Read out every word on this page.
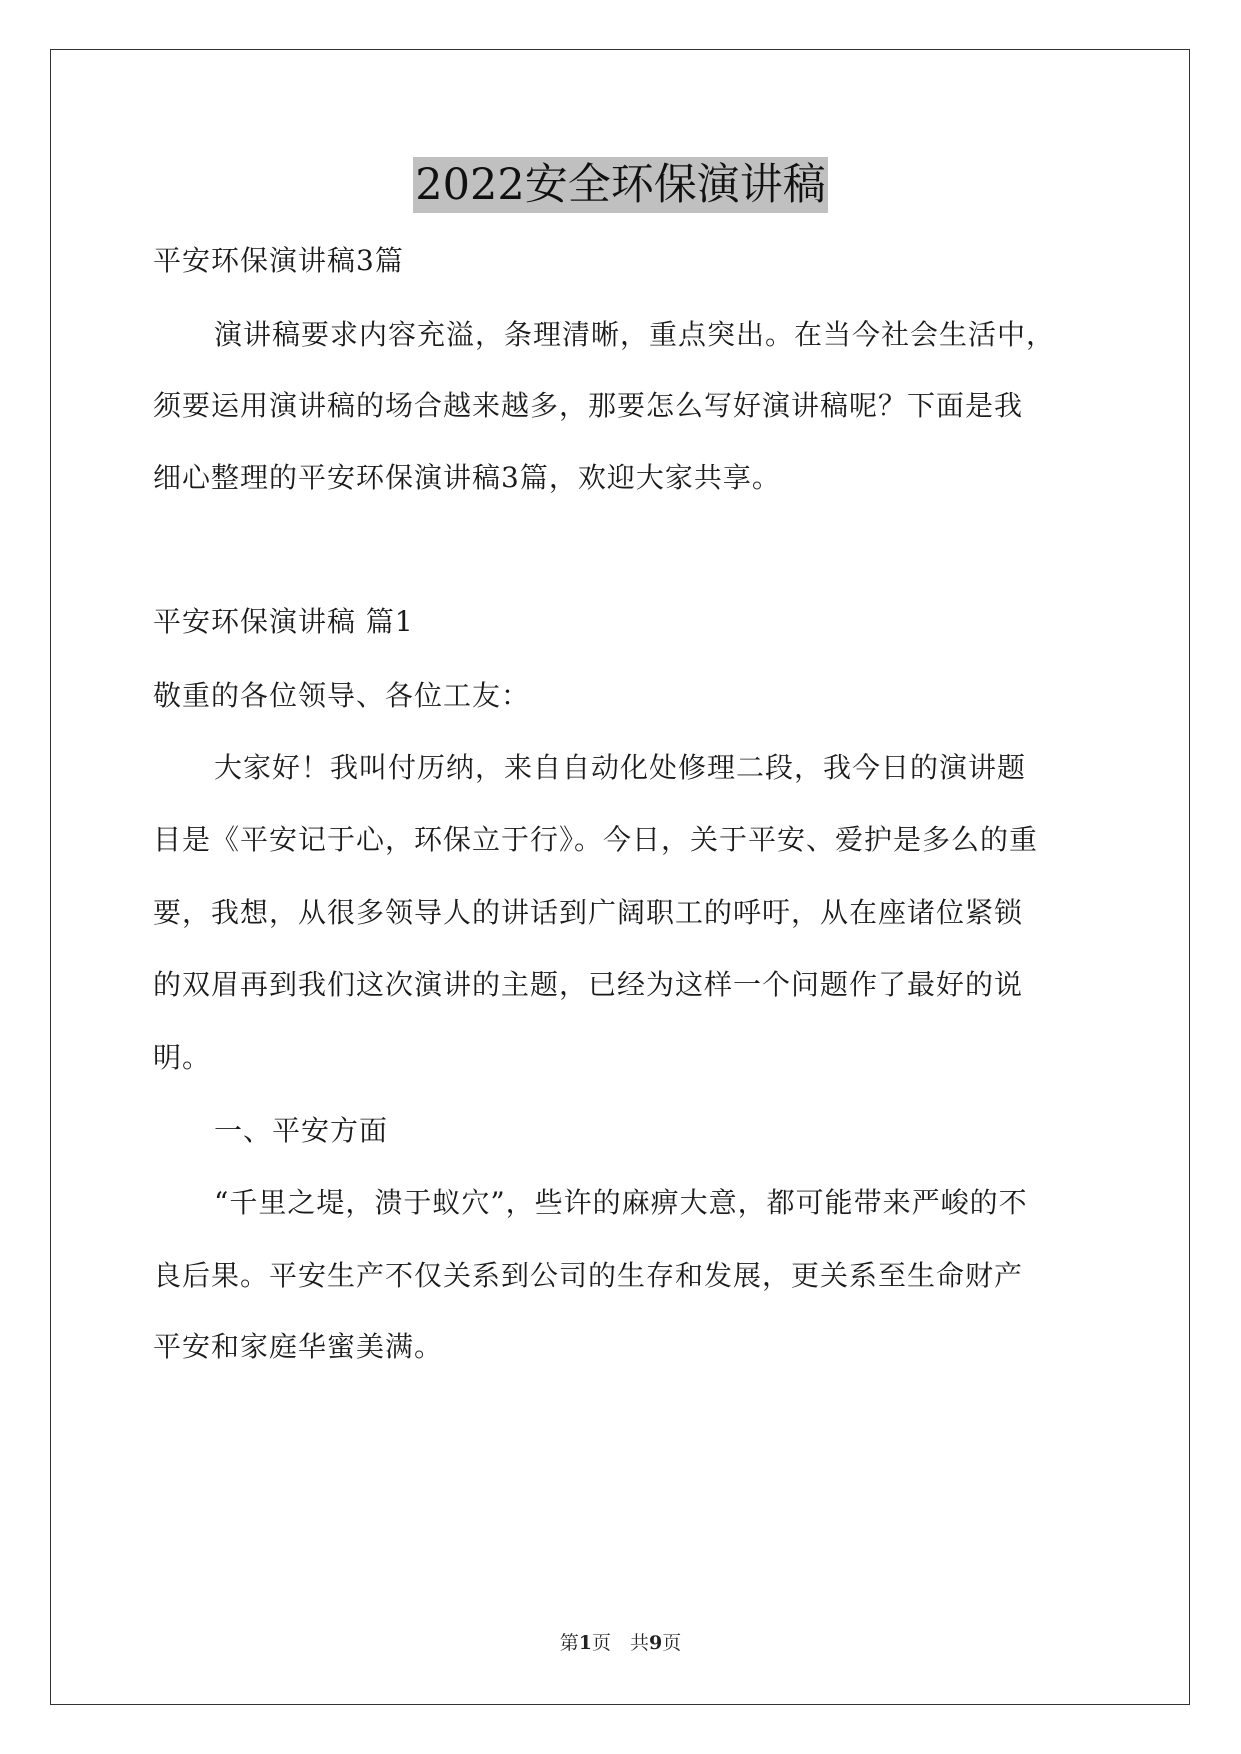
2022安全环保演讲稿
平安环保演讲稿3篇
演讲稿要求内容充溢，条理清晰，重点突出。在当今社会生活中，
须要运用演讲稿的场合越来越多，那要怎么写好演讲稿呢？下面是我
细心整理的平安环保演讲稿3篇，欢迎大家共享。
平安环保演讲稿 篇1
敬重的各位领导、各位工友：
大家好！我叫付历纳，来自自动化处修理二段，我今日的演讲题
目是《平安记于心，环保立于行》。今日，关于平安、爱护是多么的重
要，我想，从很多领导人的讲话到广阔职工的呼吁，从在座诸位紧锁
的双眉再到我们这次演讲的主题，已经为这样一个问题作了最好的说
明。
一、平安方面
“千里之堤，溃于蚁穴”，些许的麻痹大意，都可能带来严峻的不
良后果。平安生产不仅关系到公司的生存和发展，更关系至生命财产
平安和家庭华蜜美满。
第1页　共9页
